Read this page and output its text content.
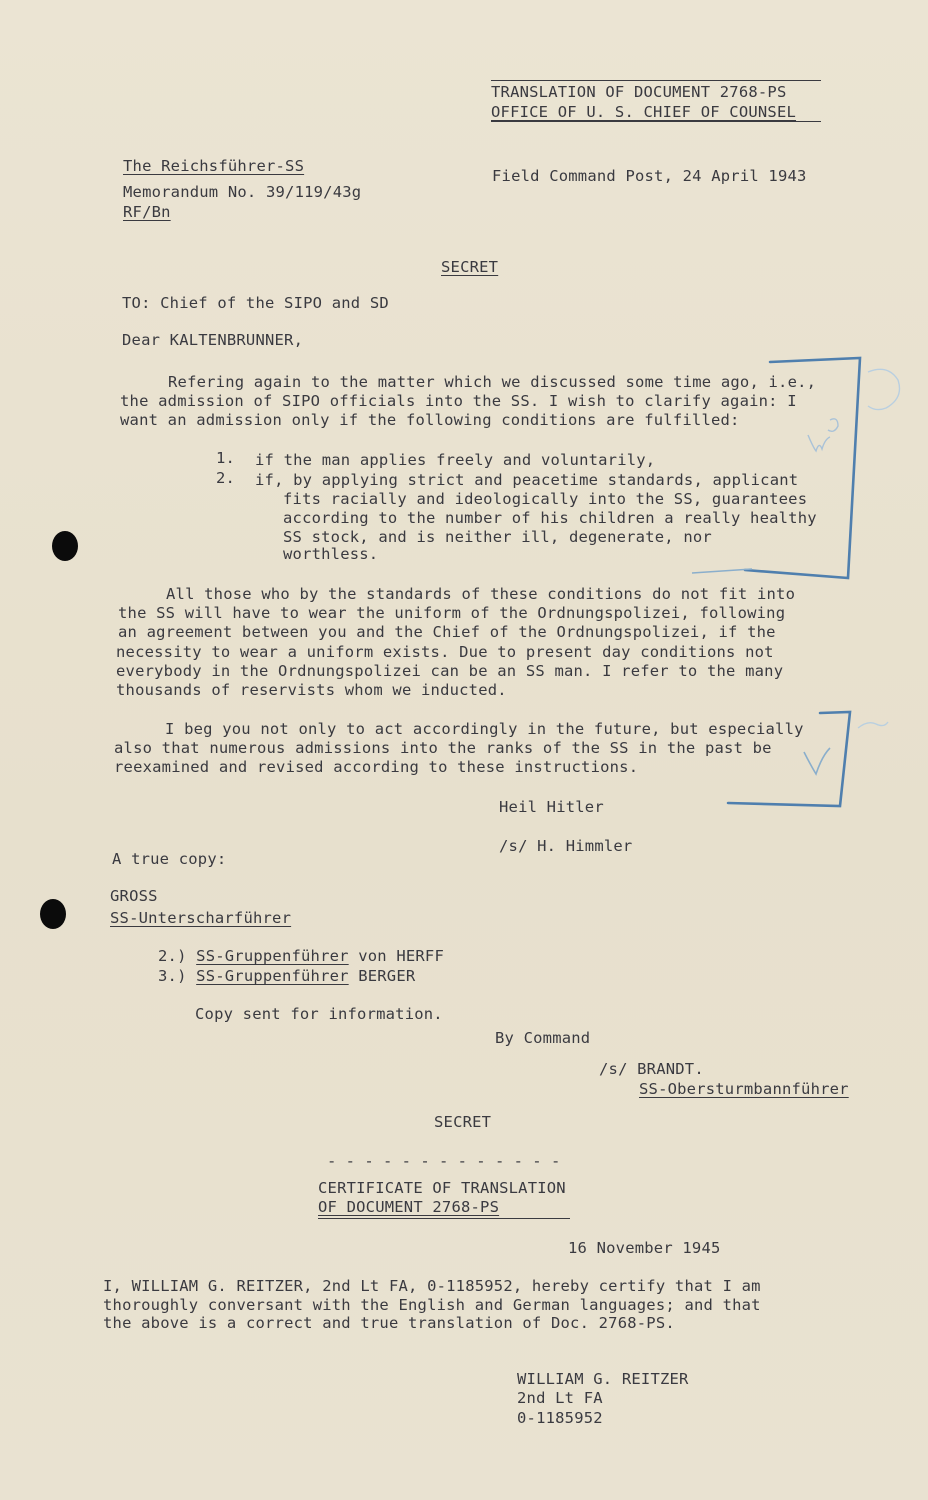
TRANSLATION OF DOCUMENT 2768-PS
OFFICE OF U. S. CHIEF OF COUNSEL
The Reichsführer-SS
Memorandum No. 39/119/43g
RF/Bn
Field Command Post, 24 April 1943
SECRET
TO: Chief of the SIPO and SD
Dear KALTENBRUNNER,
Refering again to the matter which we discussed some time ago, i.e.,
the admission of SIPO officials into the SS. I wish to clarify again: I
want an admission only if the following conditions are fulfilled:
1. if the man applies freely and voluntarily,
2. if, by applying strict and peacetime standards, applicant
fits racially and ideologically into the SS, guarantees
according to the number of his children a really healthy
SS stock, and is neither ill, degenerate, nor
worthless.
All those who by the standards of these conditions do not fit into
the SS will have to wear the uniform of the Ordnungspolizei, following
an agreement between you and the Chief of the Ordnungspolizei, if the
necessity to wear a uniform exists. Due to present day conditions not
everybody in the Ordnungspolizei can be an SS man. I refer to the many
thousands of reservists whom we inducted.
I beg you not only to act accordingly in the future, but especially
also that numerous admissions into the ranks of the SS in the past be
reexamined and revised according to these instructions.
Heil Hitler
/s/ H. Himmler
A true copy:
GROSS
SS-Unterscharführer
2.) SS-Gruppenführer von HERFF
3.) SS-Gruppenführer BERGER
Copy sent for information.
By Command
/s/ BRANDT.
SS-Obersturmbannführer
SECRET
- - - - - - - - - - - - -
CERTIFICATE OF TRANSLATION
OF DOCUMENT 2768-PS
16 November 1945
I, WILLIAM G. REITZER, 2nd Lt FA, 0-1185952, hereby certify that I am
thoroughly conversant with the English and German languages; and that
the above is a correct and true translation of Doc. 2768-PS.
WILLIAM G. REITZER
2nd Lt FA
0-1185952
